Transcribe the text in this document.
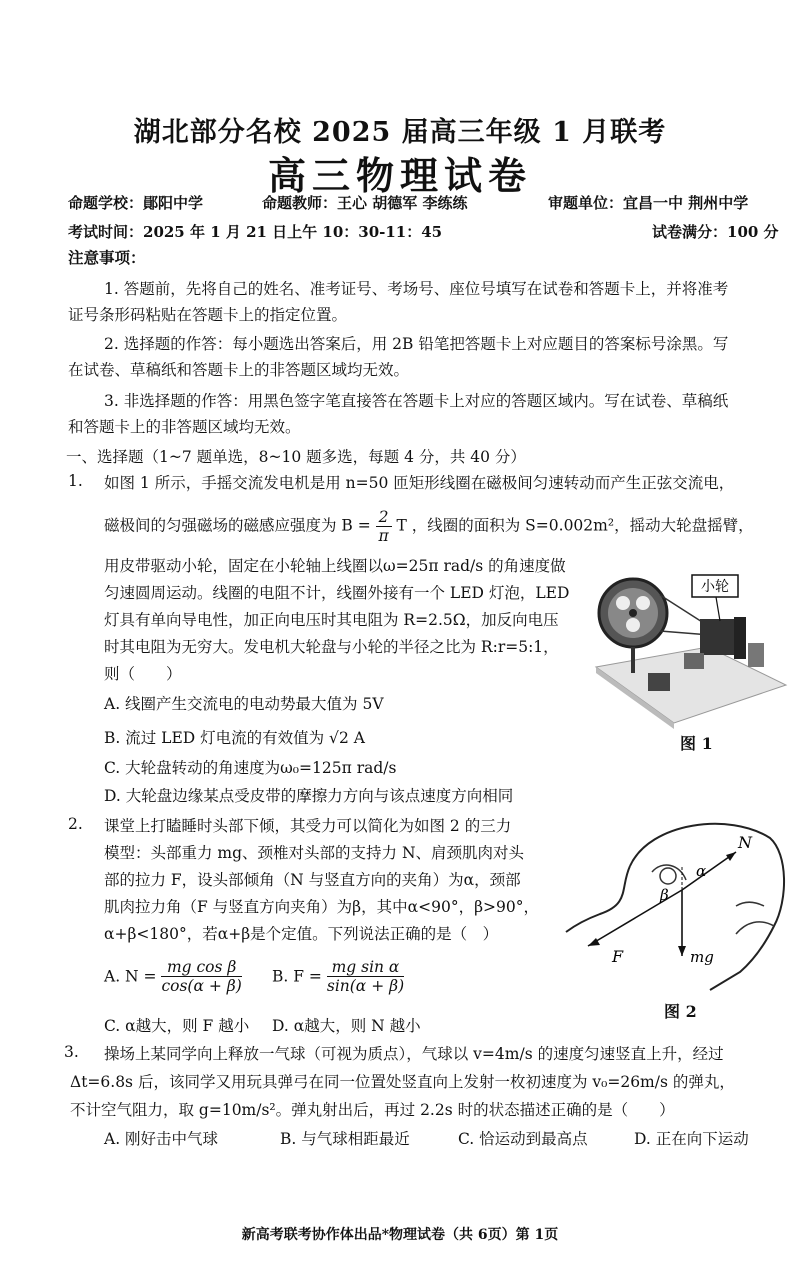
湖北部分名校 2025 届高三年级 1 月联考
高三物理试卷
命题学校：鄖阳中学	命题教师：王心 胡德军 李练练	审题单位：宜昌一中 荆州中学
考试时间：2025 年 1 月 21 日上午 10：30-11：45	试卷满分：100 分
注意事项：
1. 答题前，先将自己的姓名、准考证号、考场号、座位号填写在试卷和答题卡上，并将准考
证号条形码粘贴在答题卡上的指定位置。
2. 选择题的作答：每小题选出答案后，用 2B 铅笔把答题卡上对应题目的答案标号涂黑。写
在试卷、草稿纸和答题卡上的非答题区域均无效。
3. 非选择题的作答：用黑色签字笔直接答在答题卡上对应的答题区域内。写在试卷、草稿纸
和答题卡上的非答题区域均无效。
一、选择题（1~7 题单选，8~10 题多选，每题 4 分，共 40 分）
1. 如图 1 所示，手摇交流发电机是用 n=50 匝矩形线圈在磁极间匀速转动而产生正弦交流电，
磁极间的匀强磁场的磁感应强度为 $B = \frac{2}{\pi}$ T ，线圈的面积为 S=0.002m²，摇动大轮盘摇臂，
用皮带驱动小轮，固定在小轮轴上线圈以ω=25π rad/s 的角速度做
匀速圆周运动。线圈的电阻不计，线圈外接有一个 LED 灯泡，LED
灯具有单向导电性，加正向电压时其电阻为 R=2.5Ω，加反向电压
时其电阻为无穷大。发电机大轮盘与小轮的半径之比为 R:r=5:1，
则（　　）
A. 线圈产生交流电的电动势最大值为 5V
B. 流过 LED 灯电流的有效值为 √2 A
C. 大轮盘转动的角速度为ω₀=125π rad/s
D. 大轮盘边缘某点受皮带的摩擦力方向与该点速度方向相同
小轮
图 1
2. 课堂上打瞌睡时头部下倾，其受力可以简化为如图 2 的三力
模型：头部重力 mg、颈椎对头部的支持力 N、肩颈肌肉对头
部的拉力 F，设头部倾角（N 与竖直方向的夹角）为α，颈部
肌肉拉力角（F 与竖直方向夹角）为β，其中α<90°，β>90°，
α+β<180°，若α+β是个定值。下列说法正确的是（　）
A. $N = \frac{\text{mg cos β}}{\cos(\alpha + \beta)} B$. $F = \frac{\text{mg sin α}}{\sin(\alpha + \beta)}$
C. α越大，则 F 越小 D. α越大，则 N 越小
N
α
β
mg
F
图 2
3. 操场上某同学向上释放一气球（可视为质点），气球以 v=4m/s 的速度匀速竖直上升，经过
Δt=6.8s 后，该同学又用玩具弹弓在同一位置处竖直向上发射一枚初速度为 v₀=26m/s 的弹丸，
不计空气阻力，取 g=10m/s²。弹丸射出后，再过 2.2s 时的状态描述正确的是（　　）
A. 刚好击中气球	B. 与气球相距最近	C. 恰运动到最高点	D. 正在向下运动
新高考联考协作体出品*物理试卷（共 6页）第 1页
